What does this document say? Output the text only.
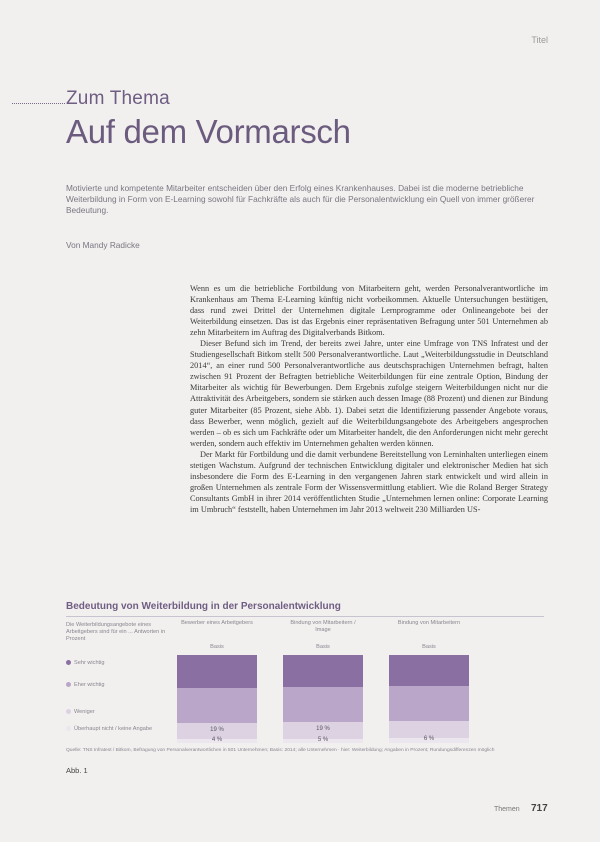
Titel
Zum Thema
Auf dem Vormarsch
Motivierte und kompetente Mitarbeiter entscheiden über den Erfolg eines Krankenhauses. Dabei ist die moderne betriebliche Weiterbildung in Form von E-Learning sowohl für Fachkräfte als auch für die Personalentwicklung ein Quell von immer größerer Bedeutung.
Von Mandy Radicke

Wenn es um die betriebliche Fortbildung von Mitarbeitern geht, werden Personalverantwortliche im Krankenhaus am Thema E-Learning künftig nicht vorbeikommen. Aktuelle Untersuchungen bestätigen, dass rund zwei Drittel der Unternehmen digitale Lernprogramme oder Onlineangebote bei der Weiterbildung einsetzen. Das ist das Ergebnis einer repräsentativen Befragung unter 501 Unternehmen ab zehn Mitarbeitern im Auftrag des Digitalverbands Bitkom.

Dieser Befund sich im Trend, der bereits zwei Jahre, unter eine Umfrage von TNS Infratest und der Studiengesellschaft Bitkom stellt 500 Personalverantwortliche. Laut „Weiterbildungsstudie in Deutschland 2014“, an einer rund 500 Personalverantwortliche aus deutschsprachigen Unternehmen befragt, halten zwischen 91 Prozent der Befragten betriebliche Weiterbildungen für eine zentrale Option, Bindung der Mitarbeiter als wichtig für Bewerbungen. Dem Ergebnis zufolge steigern Weiterbildungen nicht nur die Attraktivität des Arbeitgebers, sondern sie stärken auch dessen Image (88 Prozent) und dienen zur Bindung guter Mitarbeiter (85 Prozent, siehe Abb. 1). Dabei setzt die Identifizierung passender Angebote voraus, dass Bewerber, wenn möglich, gezielt auf die Weiterbildungsangebote des Arbeitgebers angesprochen werden – ob es sich um Fachkräfte oder um Mitarbeiter handelt, die den Anforderungen nicht mehr gerecht werden, sondern auch effektiv im Unternehmen gehalten werden können.

Der Markt für Fortbildung und die damit verbundene Bereitstellung von Lerninhalten unterliegen einem stetigen Wachstum. Aufgrund der technischen Entwicklung digitaler und elektronischer Medien hat sich insbesondere die Form des E-Learning in den vergangenen Jahren stark entwickelt und wird allein in großen Unternehmen als zentrale Form der Wissensvermittlung etabliert. Wie die Roland Berger Strategy Consultants GmbH in ihrer 2014 veröffentlichten Studie „Unternehmen lernen online: Corporate Learning im Umbruch“ feststellt, haben Unternehmen im Jahr 2013 weltweit 230 Milliarden US-

Bedeutung von Weiterbildung in der Personalentwicklung
Die Weiterbildungsangebote eines Arbeitgebers sind für ein ... Antworten in Prozent
Sehr wichtig
Eher wichtig
Weniger
Überhaupt nicht / keine Angabe
Bewerber eines Arbeitgebers	Bindung von Mitarbeitern / Image
Bindung von Mitarbeitern
Basis	Basis	Basis
19 %
4 %
19 %
5 %	6 %
Quelle: TNS Infratest / Bitkom, Befragung von Personalverantwortlichen in 501 Unternehmen; Basis: 2014; alle Unternehmen · hier: Weiterbildung; Angaben in Prozent; Rundungsdifferenzen möglich
Abb. 1
Themen 717
